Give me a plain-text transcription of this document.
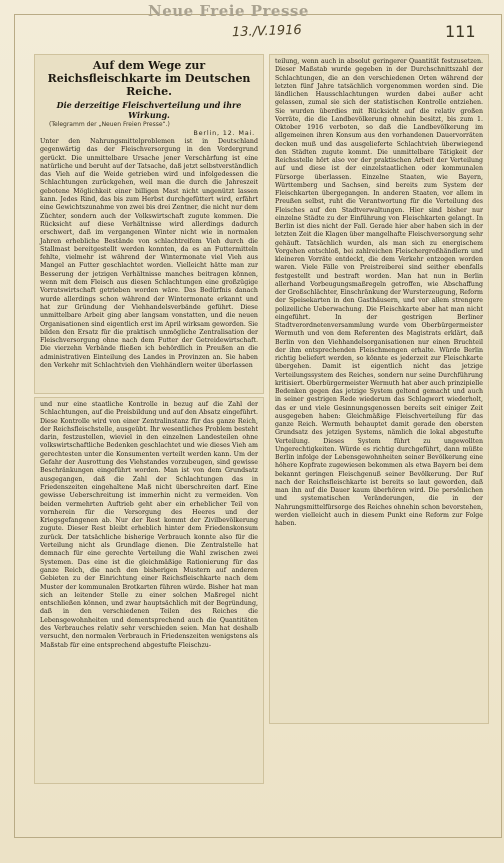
Neue Freie Presse
13./V.1916	111
Auf dem Wege zur Reichsfleischkarte im Deutschen Reiche.
Die derzeitige Fleischverteilung und ihre Wirkung.
(Telegramm der „Neuen Freien Presse“.)
Berlin, 12. Mai.
Unter den Nahrungsmittelproblemen ist in Deutschland gegenwärtig das der Fleischversorgung in den Vordergrund gerückt. Die unmittelbare Ursache jener Verschärfung ist eine natürliche und beruht auf der Tatsache, daß jetzt selbstverständlich das Vieh auf die Weide getrieben wird und infolgedessen die Schlachtungen zurückgehen, weil man die durch die Jahreszeit gebotene Möglichkeit einer billigen Mast nicht ungenützt lassen kann. Jedes Rind, das bis zum Herbst durchgefüttert wird, erfährt eine Gewichtszunahme von zwei bis drei Zentner, die nicht nur dem Züchter, sondern auch der Volkswirtschaft zugute kommen. Die Rücksicht auf diese Verhältnisse wird allerdings dadurch erschwert, daß im vergangenen Winter nicht wie in normalen Jahren erhebliche Bestände von schlachtreifem Vieh durch die Stallmast bereitgestellt werden konnten, da es an Futtermitteln fehlte, vielmehr ist während der Wintermonate viel Vieh aus Mangel an Futter geschlachtet worden. Vielleicht hätte man zur Besserung der jetzigen Verhältnisse manches beitragen können, wenn mit dem Fleisch aus diesen Schlachtungen eine großzügige Vorratswirtschaft getrieben worden wäre. Das Bedürfnis danach wurde allerdings schon während der Wintermonate erkannt und hat zur Gründung der Viehhandelsverbände geführt. Diese unmittelbare Arbeit ging aber langsam vonstatten, und die neuen Organisationen sind eigentlich erst im April wirksam geworden. Sie bilden den Ersatz für die praktisch unmögliche Zentralisation der Fleischversorgung ohne nach dem Futter der Getreidewirtschaft. Die vierzehn Verbände fließen ich behördlich in Preußen an die administrativen Einteilung des Landes in Provinzen an. Sie haben den Verkehr mit Schlachtvieh den Viehhändlern weiter überlassen
und nur eine staatliche Kontrolle in bezug auf die Zahl der Schlachtungen, auf die Preisbildung und auf den Absatz eingeführt. Diese Kontrolle wird von einer Zentralinstanz für das ganze Reich, der Reichsfleischstelle, ausgeübt. Ihr wesentliches Problem besteht darin, festzustellen, wieviel in den einzelnen Landesteilen ohne volkswirtschaftliche Bedenken geschlachtet und wie dieses Vieh am gerechtesten unter die Konsumenten verteilt werden kann. Um der Gefahr der Ausrottung des Viehstandes vorzubeugen, sind gewisse Beschränkungen eingeführt worden. Man ist von dem Grundsatz ausgegangen, daß die Zahl der Schlachtungen das in Friedenszeiten eingehaltene Maß nicht überschreiten darf. Eine gewisse Ueberschreitung ist immerhin nicht zu vermeiden. Von beiden vermehrten Auftrieb geht aber ein erheblicher Teil von vornherein für die Versorgung des Heeres und der Kriegsgefangenen ab. Nur der Rest kommt der Zivilbevölkerung zugute. Dieser Rest bleibt erheblich hinter dem Friedenskonsum zurück. Der tatsächliche bisherige Verbrauch konnte also für die Verteilung nicht als Grundlage dienen. Die Zentralstelle hat demnach für eine gerechte Verteilung die Wahl zwischen zwei Systemen. Das eine ist die gleichmäßige Rationierung für das ganze Reich, die nach den bisherigen Mustern auf anderen Gebieten zu der Einrichtung einer Reichsfleischkarte nach dem Muster der kommunalen Brotkarten führen würde. Bisher hat man sich an leitender Stelle zu einer solchen Maßregel nicht entschließen können, und zwar hauptsächlich mit der Begründung, daß in den verschiedenen Teilen des Reiches die Lebensgewohnheiten und dementsprechend auch die Quantitäten des Verbrauches relativ sehr verschieden seien. Man hat deshalb versucht, den normalen Verbrauch in Friedenszeiten wenigstens als Maßstab für eine entsprechend abgestufte Fleischzu-
teilung, wenn auch in absolut geringerer Quantität festzusetzen. Dieser Maßstab wurde gegeben in der Durchschnittszahl der Schlachtungen, die an den verschiedenen Orten während der letzten fünf Jahre tatsächlich vorgenommen worden sind. Die ländlichen Hausschlachtungen wurden dabei außer acht gelassen, zumal sie sich der statistischen Kontrolle entziehen. Sie wurden überdies mit Rücksicht auf die relativ großen Vorräte, die die Landbevölkerung ohnehin besitzt, bis zum 1. Oktober 1916 verboten, so daß die Landbevölkerung im allgemeinen ihren Konsum aus den vorhandenen Dauervorräten decken muß und das ausgelieferte Schlachtvieh überwiegend den Städten zugute kommt. Die unmittelbare Tätigkeit der Reichsstelle hört also vor der praktischen Arbeit der Verteilung auf und diese ist der einzelstaatlichen oder kommunalen Fürsorge überlassen. Einzelne Staaten, wie Bayern, Württemberg und Sachsen, sind bereits zum System der Fleischkarten übergegangen. In anderen Staaten, vor allem in Preußen selbst, ruht die Verantwortung für die Verteilung des Fleisches auf den Stadtverwaltungen. Hier sind bisher nur einzelne Städte zu der Einführung von Fleischkarten gelangt. In Berlin ist dies nicht der Fall. Gerade hier aber haben sich in der letzten Zeit die Klagen über mangelhafte Fleischversorgung sehr gehäuft. Tatsächlich wurden, als man sich zu energischem Vorgehen entschloß, bei zahlreichen Fleischergroßhändlern und kleineren Vorräte entdeckt, die dem Verkehr entzogen worden waren. Viele Fälle von Preistreiberei sind seither ebenfalls festgestellt und bestraft worden. Man hat nun in Berlin allerhand Vorbeugungsmaßregeln getroffen, wie Abschaffung der Großschlächter, Einschränkung der Wursterzeugung, Reform der Speisekarten in den Gasthäusern, und vor allem strengere polizeiliche Ueberwachung. Die Fleischkarte aber hat man nicht eingeführt. In der gestrigen Berliner Stadtverordnetenversammlung wurde vom Oberbürgermeister Wermuth und von dem Referenten des Magistrats erklärt, daß Berlin von den Viehhandelsorganisationen nur einen Bruchteil der ihm entsprechenden Fleischmengen erhalte. Würde Berlin richtig beliefert werden, so könnte es jederzeit zur Fleischkarte übergehen. Damit ist eigentlich nicht das jetzige Verteilungssystem des Reiches, sondern nur seine Durchführung kritisiert. Oberbürgermeister Wermuth hat aber auch prinzipielle Bedenken gegen das jetzige System geltend gemacht und auch in seiner gestrigen Rede wiederum das Schlagwort wiederholt, das er und viele Gesinnungsgenossen bereits seit einiger Zeit ausgegeben haben: Gleichmäßige Fleischverteilung für das ganze Reich. Wermuth behauptet damit gerade den obersten Grundsatz des jetzigen Systems, nämlich die lokal abgestufte Verteilung. Dieses System führt zu ungewollten Ungerechtigkeiten. Würde es richtig durchgeführt, dann müßte Berlin infolge der Lebensgewohnheiten seiner Bevölkerung eine höhere Kopfrate zugewiesen bekommen als etwa Bayern bei dem bekannt geringen Fleischgenuß seiner Bevölkerung. Der Ruf nach der Reichsfleischkarte ist bereits so laut geworden, daß man ihn auf die Dauer kaum überhören wird. Die persönlichen und systematischen Veränderungen, die in der Nahrungsmittelfürsorge des Reiches ohnehin schon bevorstehen, werden vielleicht auch in diesem Punkt eine Reform zur Folge haben.
